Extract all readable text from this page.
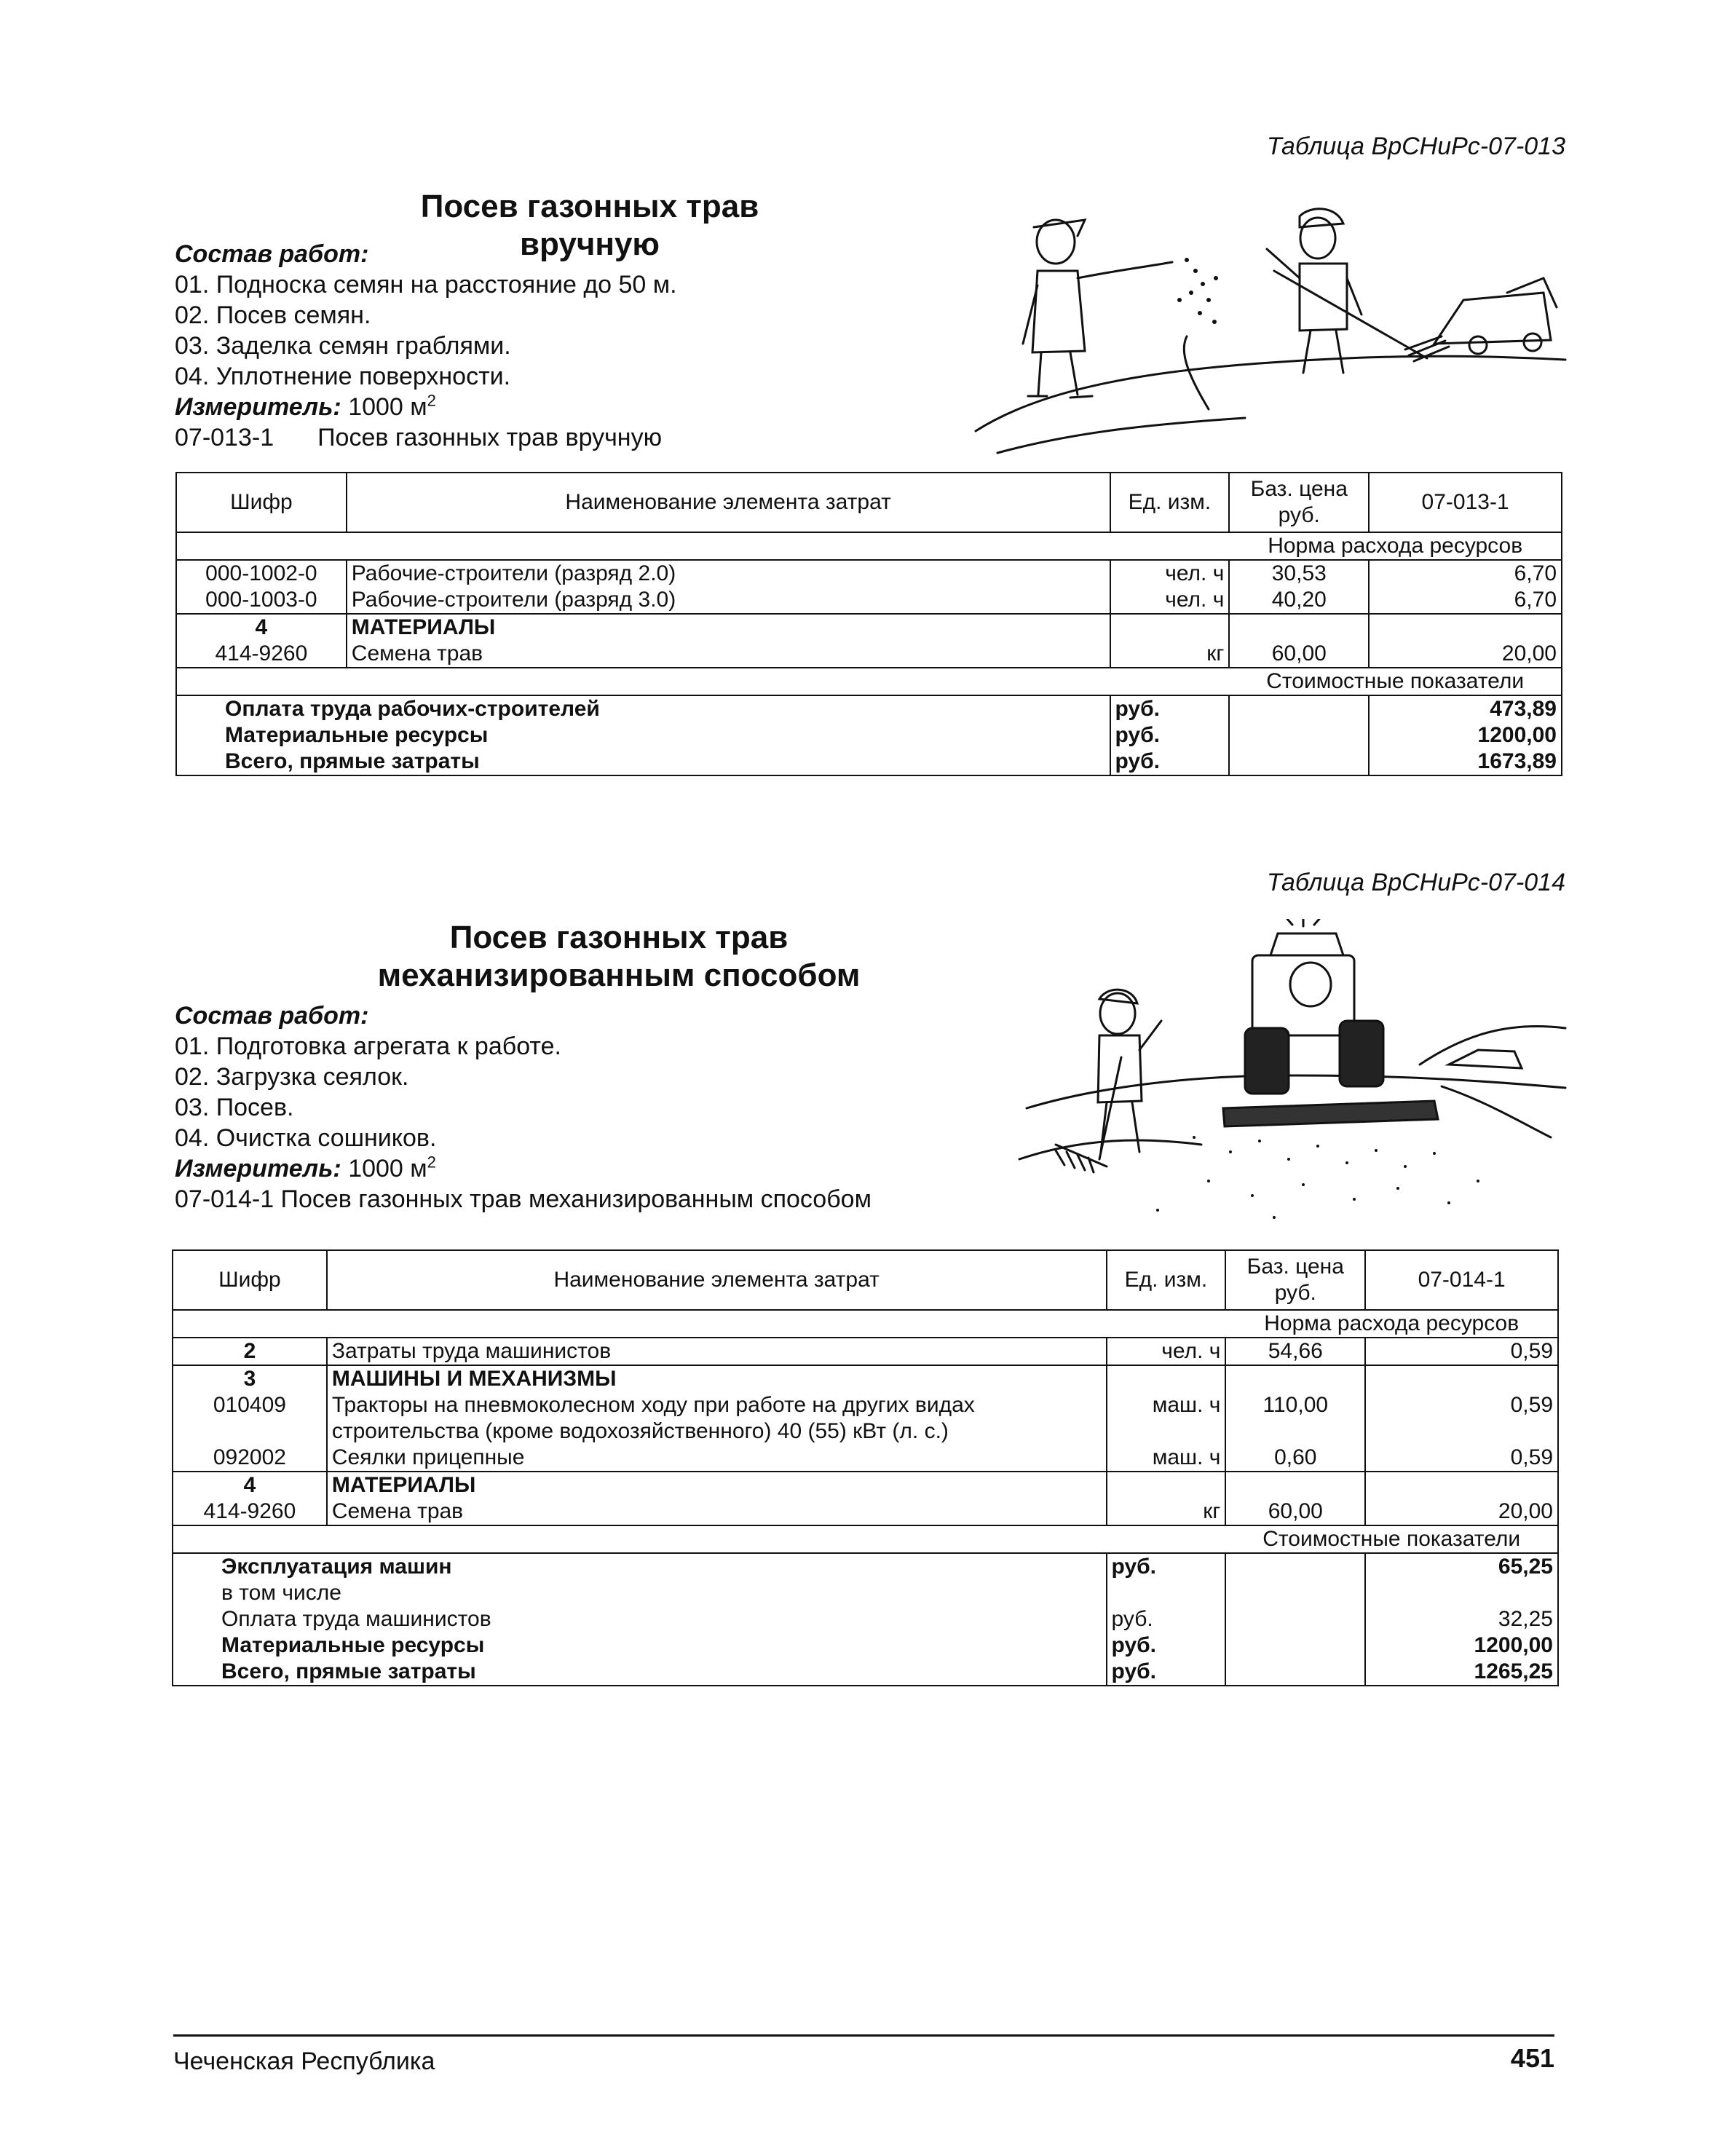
Таблица ВрСНиРс-07-013
Посев газонных трав вручную
Состав работ:
01. Подноска семян на расстояние до 50 м.
02. Посев семян.
03. Заделка семян граблями.
04. Уплотнение поверхности.
Измеритель: 1000 $м^2$
07-013-1 Посев газонных трав вручную
Шифр	Наименование элемента затрат	Ед. изм.	Баз. цена руб.	07-013-1
			Норма расхода ресурсов	
000-1002-0	Рабочие-строители (разряд 2.0)	чел. ч	30,53	6,70
000-1003-0	Рабочие-строители (разряд 3.0)	чел. ч	40,20	6,70
4	МАТЕРИАЛЫ			
414-9260	Семена трав	кг	60,00	20,00
			Стоимостные показатели	
Оплата труда рабочих-строителей		руб.		473,89
Материальные ресурсы		руб.		1200,00
Всего, прямые затраты		руб.		1673,89
Таблица ВрСНиРс-07-014
Посев газонных трав
механизированным способом
Состав работ:
01. Подготовка агрегата к работе.
02. Загрузка сеялок.
03. Посев.
04. Очистка сошников.
Измеритель: 1000 $м^2$
07-014-1 Посев газонных трав механизированным способом
Шифр	Наименование элемента затрат	Ед. изм.	Баз. цена руб.	07-014-1
			Норма расхода ресурсов	
2	Затраты труда машинистов	чел. ч	54,66	0,59
3	МАШИНЫ И МЕХАНИЗМЫ			
010409	Тракторы на пневмоколесном ходу при работе на других видах
строительства (кроме водохозяйственного) 40 (55) кВт (л. с.)	маш. ч	110,00	0,59
092002	Сеялки прицепные	маш. ч	0,60	0,59
4	МАТЕРИАЛЫ			
414-9260	Семена трав	кг	60,00	20,00
			Стоимостные показатели	
Эксплуатация машин		руб.		65,25
в том числе				
Оплата труда машинистов		руб.		32,25
Материальные ресурсы		руб.		1200,00
Всего, прямые затраты		руб.		1265,25
Чеченская Республика	451
